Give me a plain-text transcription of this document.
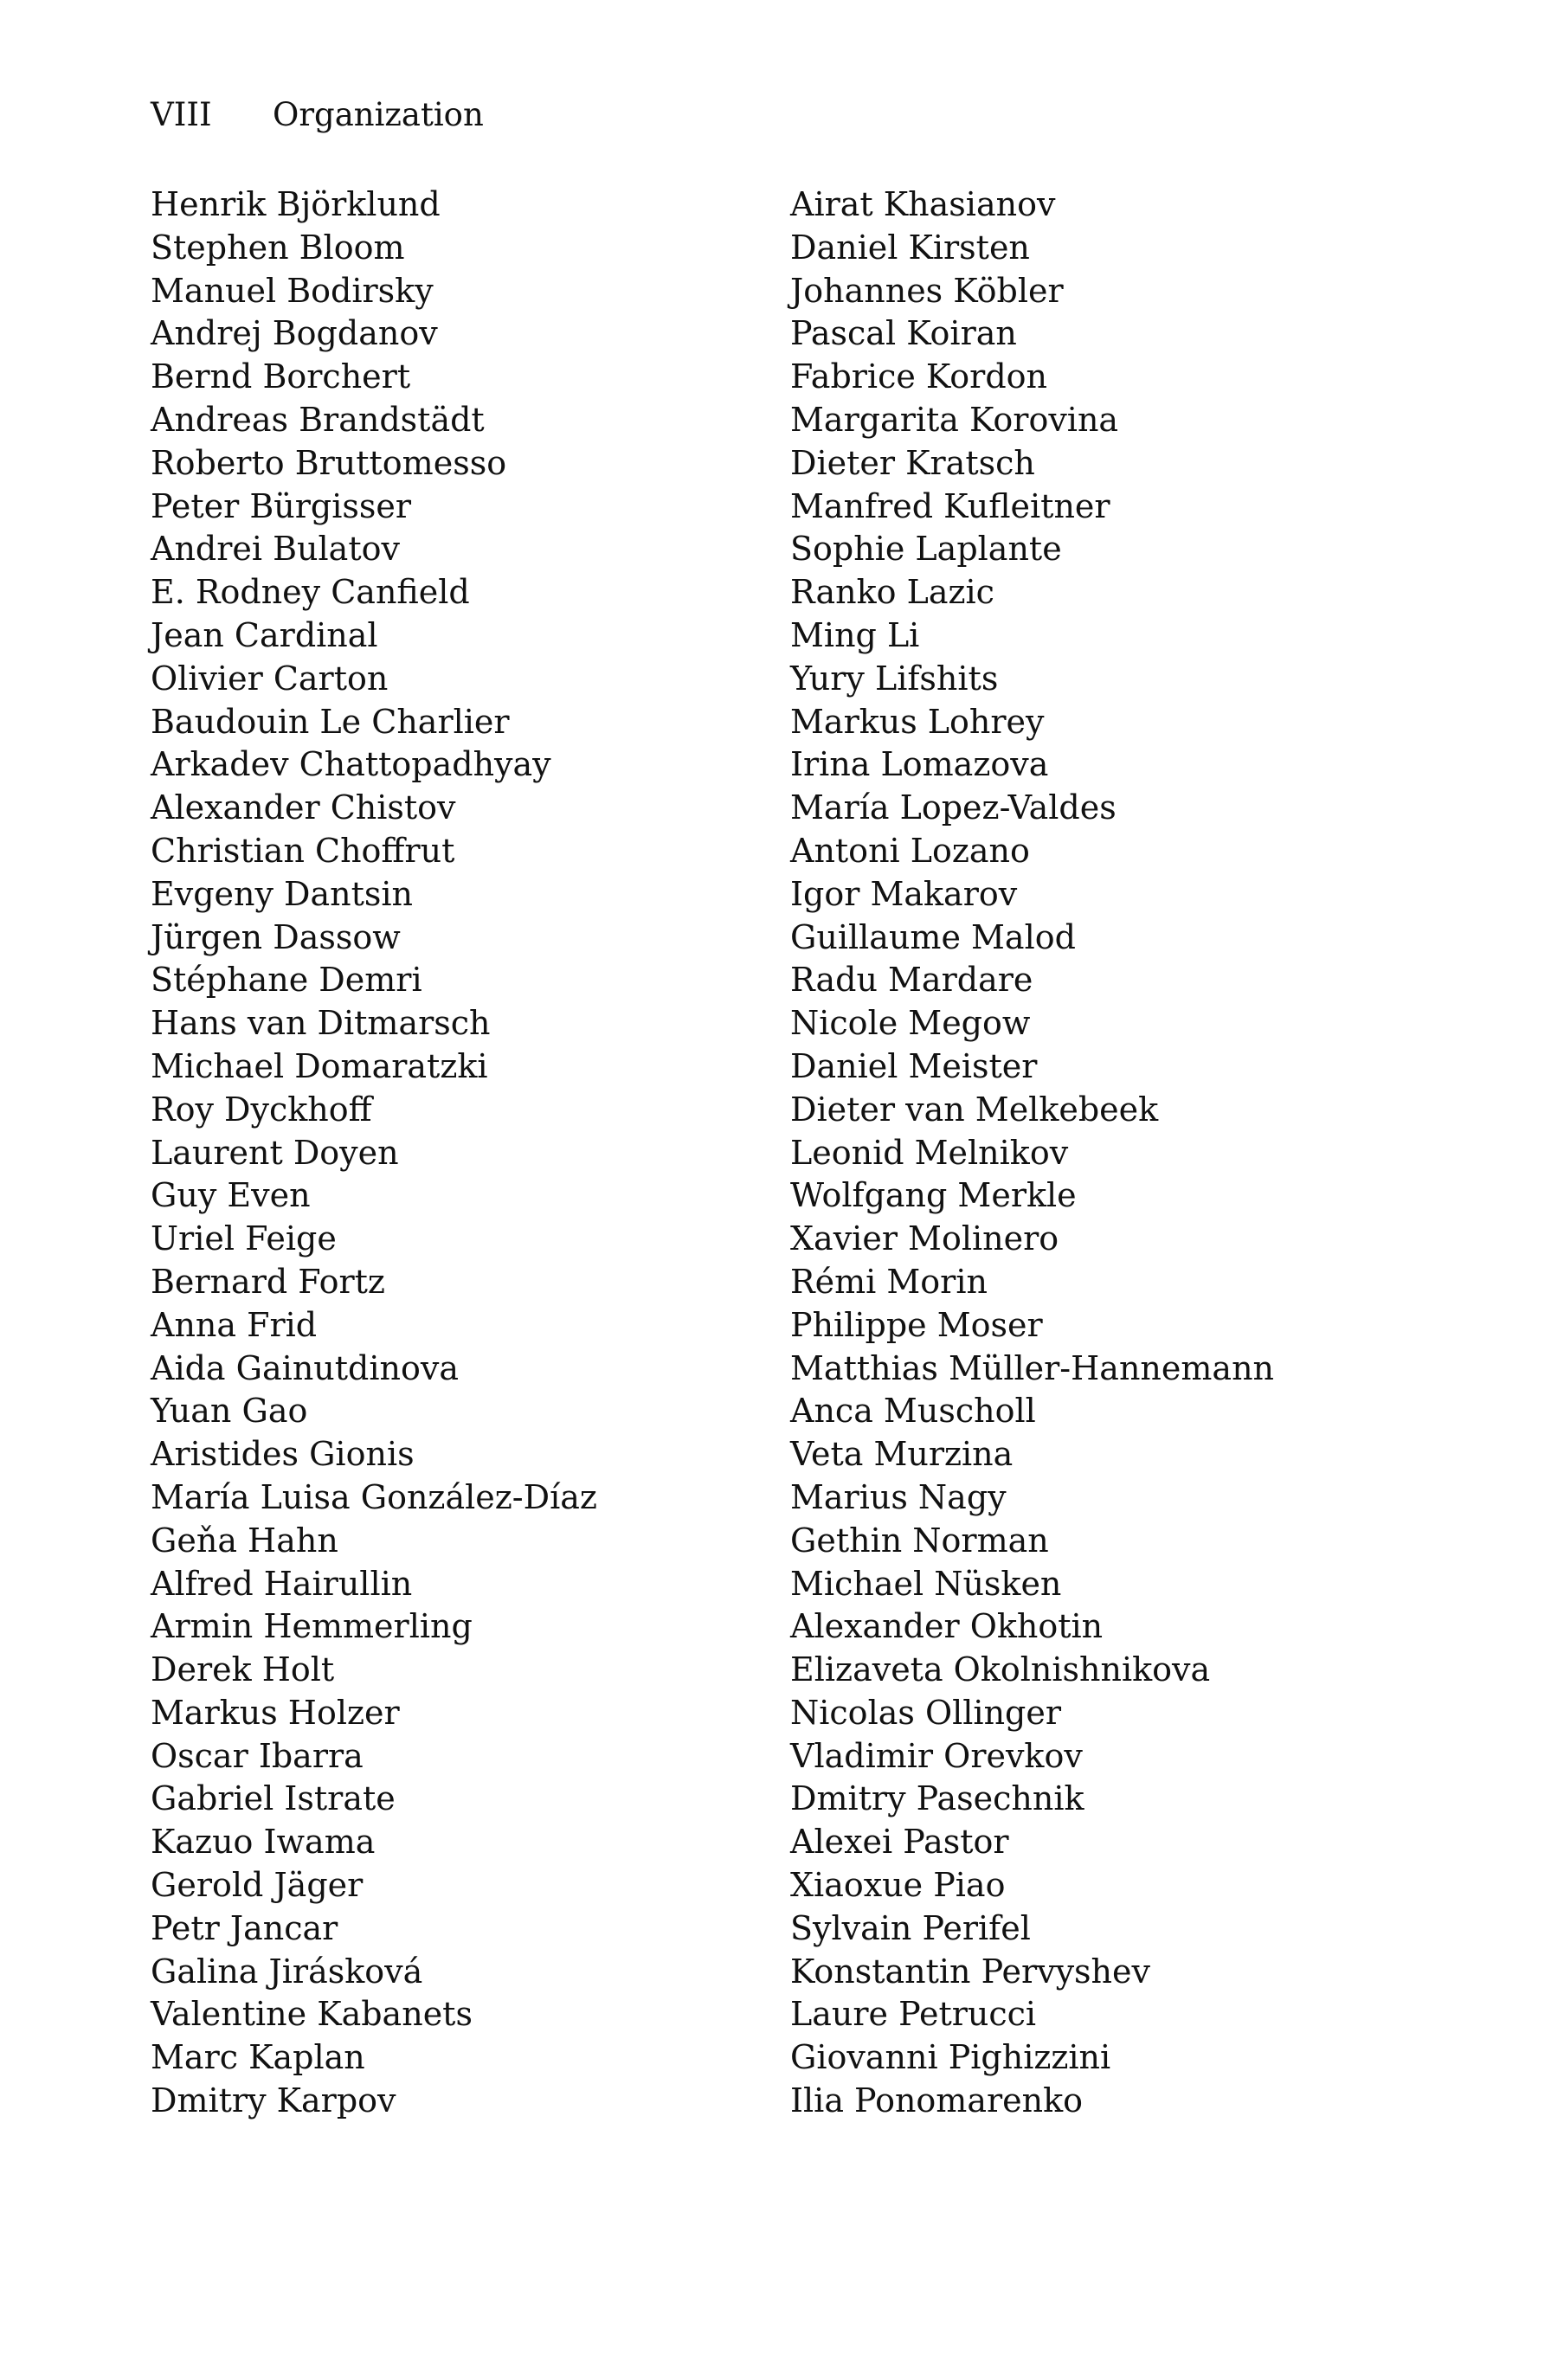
VIII Organization
Henrik Björklund
Stephen Bloom
Manuel Bodirsky
Andrej Bogdanov
Bernd Borchert
Andreas Brandstädt
Roberto Bruttomesso
Peter Bürgisser
Andrei Bulatov
E. Rodney Canfield
Jean Cardinal
Olivier Carton
Baudouin Le Charlier
Arkadev Chattopadhyay
Alexander Chistov
Christian Choffrut
Evgeny Dantsin
Jürgen Dassow
Stéphane Demri
Hans van Ditmarsch
Michael Domaratzki
Roy Dyckhoff
Laurent Doyen
Guy Even
Uriel Feige
Bernard Fortz
Anna Frid
Aida Gainutdinova
Yuan Gao
Aristides Gionis
María Luisa González-Díaz
Geňa Hahn
Alfred Hairullin
Armin Hemmerling
Derek Holt
Markus Holzer
Oscar Ibarra
Gabriel Istrate
Kazuo Iwama
Gerold Jäger
Petr Jancar
Galina Jirásková
Valentine Kabanets
Marc Kaplan
Dmitry Karpov
Airat Khasianov
Daniel Kirsten
Johannes Köbler
Pascal Koiran
Fabrice Kordon
Margarita Korovina
Dieter Kratsch
Manfred Kufleitner
Sophie Laplante
Ranko Lazic
Ming Li
Yury Lifshits
Markus Lohrey
Irina Lomazova
María Lopez-Valdes
Antoni Lozano
Igor Makarov
Guillaume Malod
Radu Mardare
Nicole Megow
Daniel Meister
Dieter van Melkebeek
Leonid Melnikov
Wolfgang Merkle
Xavier Molinero
Rémi Morin
Philippe Moser
Matthias Müller-Hannemann
Anca Muscholl
Veta Murzina
Marius Nagy
Gethin Norman
Michael Nüsken
Alexander Okhotin
Elizaveta Okolnishnikova
Nicolas Ollinger
Vladimir Orevkov
Dmitry Pasechnik
Alexei Pastor
Xiaoxue Piao
Sylvain Perifel
Konstantin Pervyshev
Laure Petrucci
Giovanni Pighizzini
Ilia Ponomarenko
